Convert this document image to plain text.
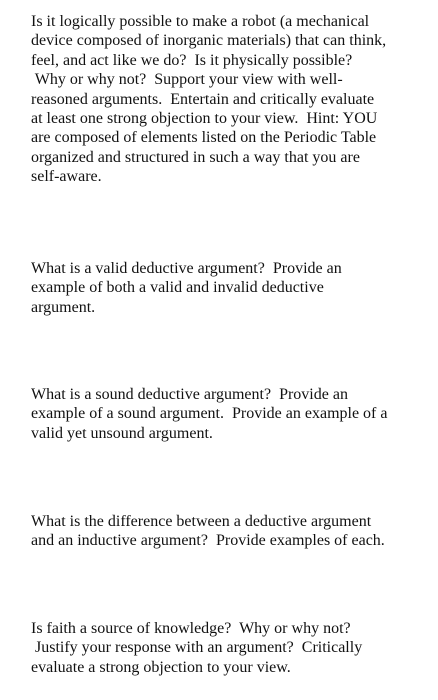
Is it logically possible to make a robot (a mechanical
device composed of inorganic materials) that can think,
feel, and act like we do?  Is it physically possible?
Why or why not?  Support your view with well-
reasoned arguments.  Entertain and critically evaluate
at least one strong objection to your view.  Hint: YOU
are composed of elements listed on the Periodic Table
organized and structured in such a way that you are
self-aware.

What is a valid deductive argument?  Provide an
example of both a valid and invalid deductive
argument.

What is a sound deductive argument?  Provide an
example of a sound argument.  Provide an example of a
valid yet unsound argument.

What is the difference between a deductive argument
and an inductive argument?  Provide examples of each.

Is faith a source of knowledge?  Why or why not?
Justify your response with an argument?  Critically
evaluate a strong objection to your view.
